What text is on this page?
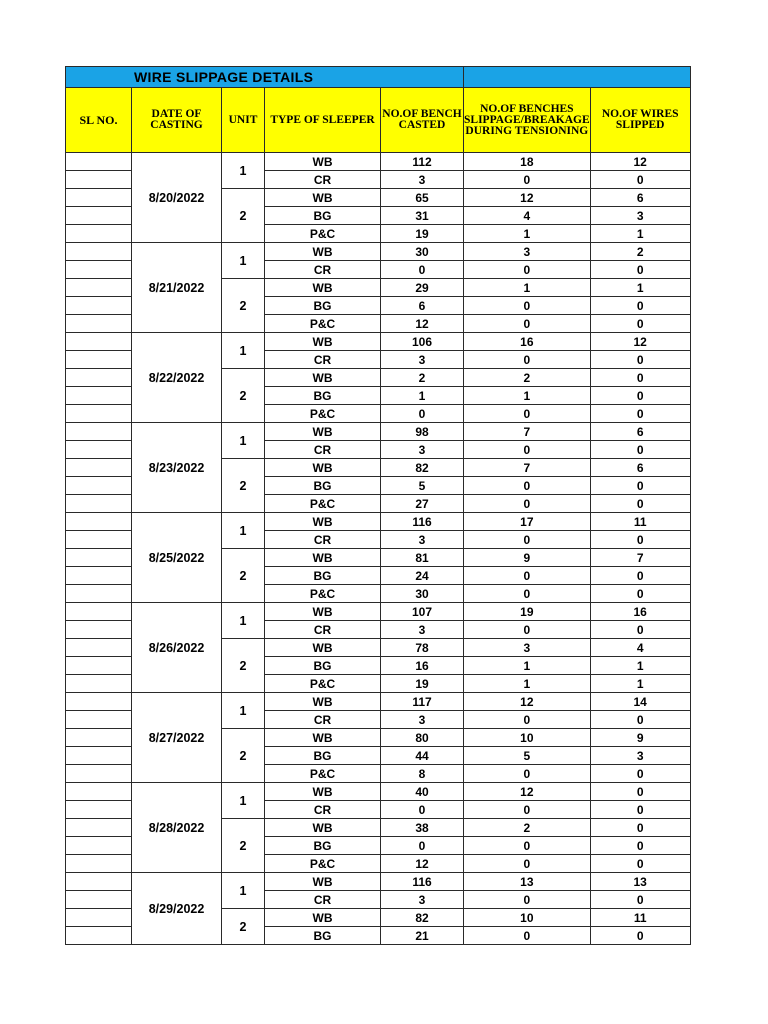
WIRE SLIPPAGE DETAILS						
SL NO.	DATE OF CASTING	UNIT	TYPE OF SLEEPER	NO.OF BENCH CASTED	NO.OF BENCHES SLIPPAGE/BREAKAGE DURING TENSIONING	NO.OF WIRES SLIPPED
	8/20/2022	1	WB	112	18	12
			CR	3	0	0
		2	WB	65	12	6
			BG	31	4	3
			P&C	19	1	1
	8/21/2022	1	WB	30	3	2
			CR	0	0	0
		2	WB	29	1	1
			BG	6	0	0
			P&C	12	0	0
	8/22/2022	1	WB	106	16	12
			CR	3	0	0
		2	WB	2	2	0
			BG	1	1	0
			P&C	0	0	0
	8/23/2022	1	WB	98	7	6
			CR	3	0	0
		2	WB	82	7	6
			BG	5	0	0
			P&C	27	0	0
	8/25/2022	1	WB	116	17	11
			CR	3	0	0
		2	WB	81	9	7
			BG	24	0	0
			P&C	30	0	0
	8/26/2022	1	WB	107	19	16
			CR	3	0	0
		2	WB	78	3	4
			BG	16	1	1
			P&C	19	1	1
	8/27/2022	1	WB	117	12	14
			CR	3	0	0
		2	WB	80	10	9
			BG	44	5	3
			P&C	8	0	0
	8/28/2022	1	WB	40	12	0
			CR	0	0	0
		2	WB	38	2	0
			BG	0	0	0
			P&C	12	0	0
	8/29/2022	1	WB	116	13	13
			CR	3	0	0
		2	WB	82	10	11
			BG	21	0	0
